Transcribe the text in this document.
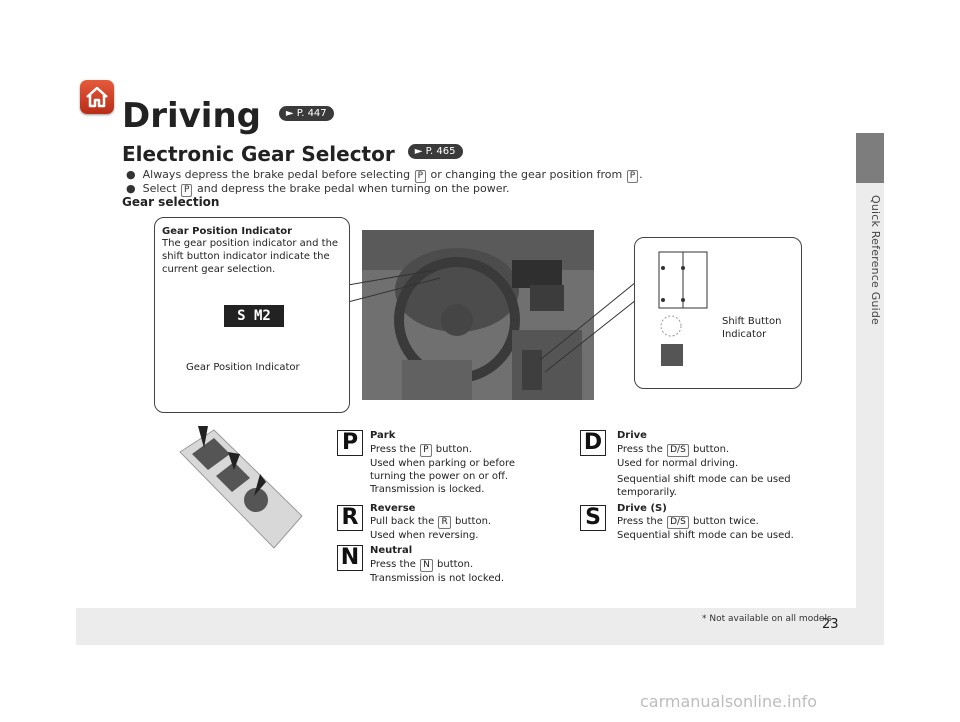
Quick Reference Guide
Driving ► P. 447
Electronic Gear Selector ► P. 465
● Always depress the brake pedal before selecting P or changing the gear position from P .
● Select P and depress the brake pedal when turning on the power.
Gear selection
Gear Position Indicator
The gear position indicator and the shift button indicator indicate the current gear selection.
S M2
Gear Position Indicator
Shift Button
Indicator
P	Park
Press the P button.
Used when parking or before
turning the power on or off.
Transmission is locked.
R	Reverse
Pull back the R button.
Used when reversing.
N	Neutral
Press the N button.
Transmission is not locked.
D	Drive
Press the D/S button.
Used for normal driving.

Sequential shift mode can be used
temporarily.
S	Drive (S)
Press the D/S button twice.
Sequential shift mode can be used.
* Not available on all models
23
carmanualsonline.info
